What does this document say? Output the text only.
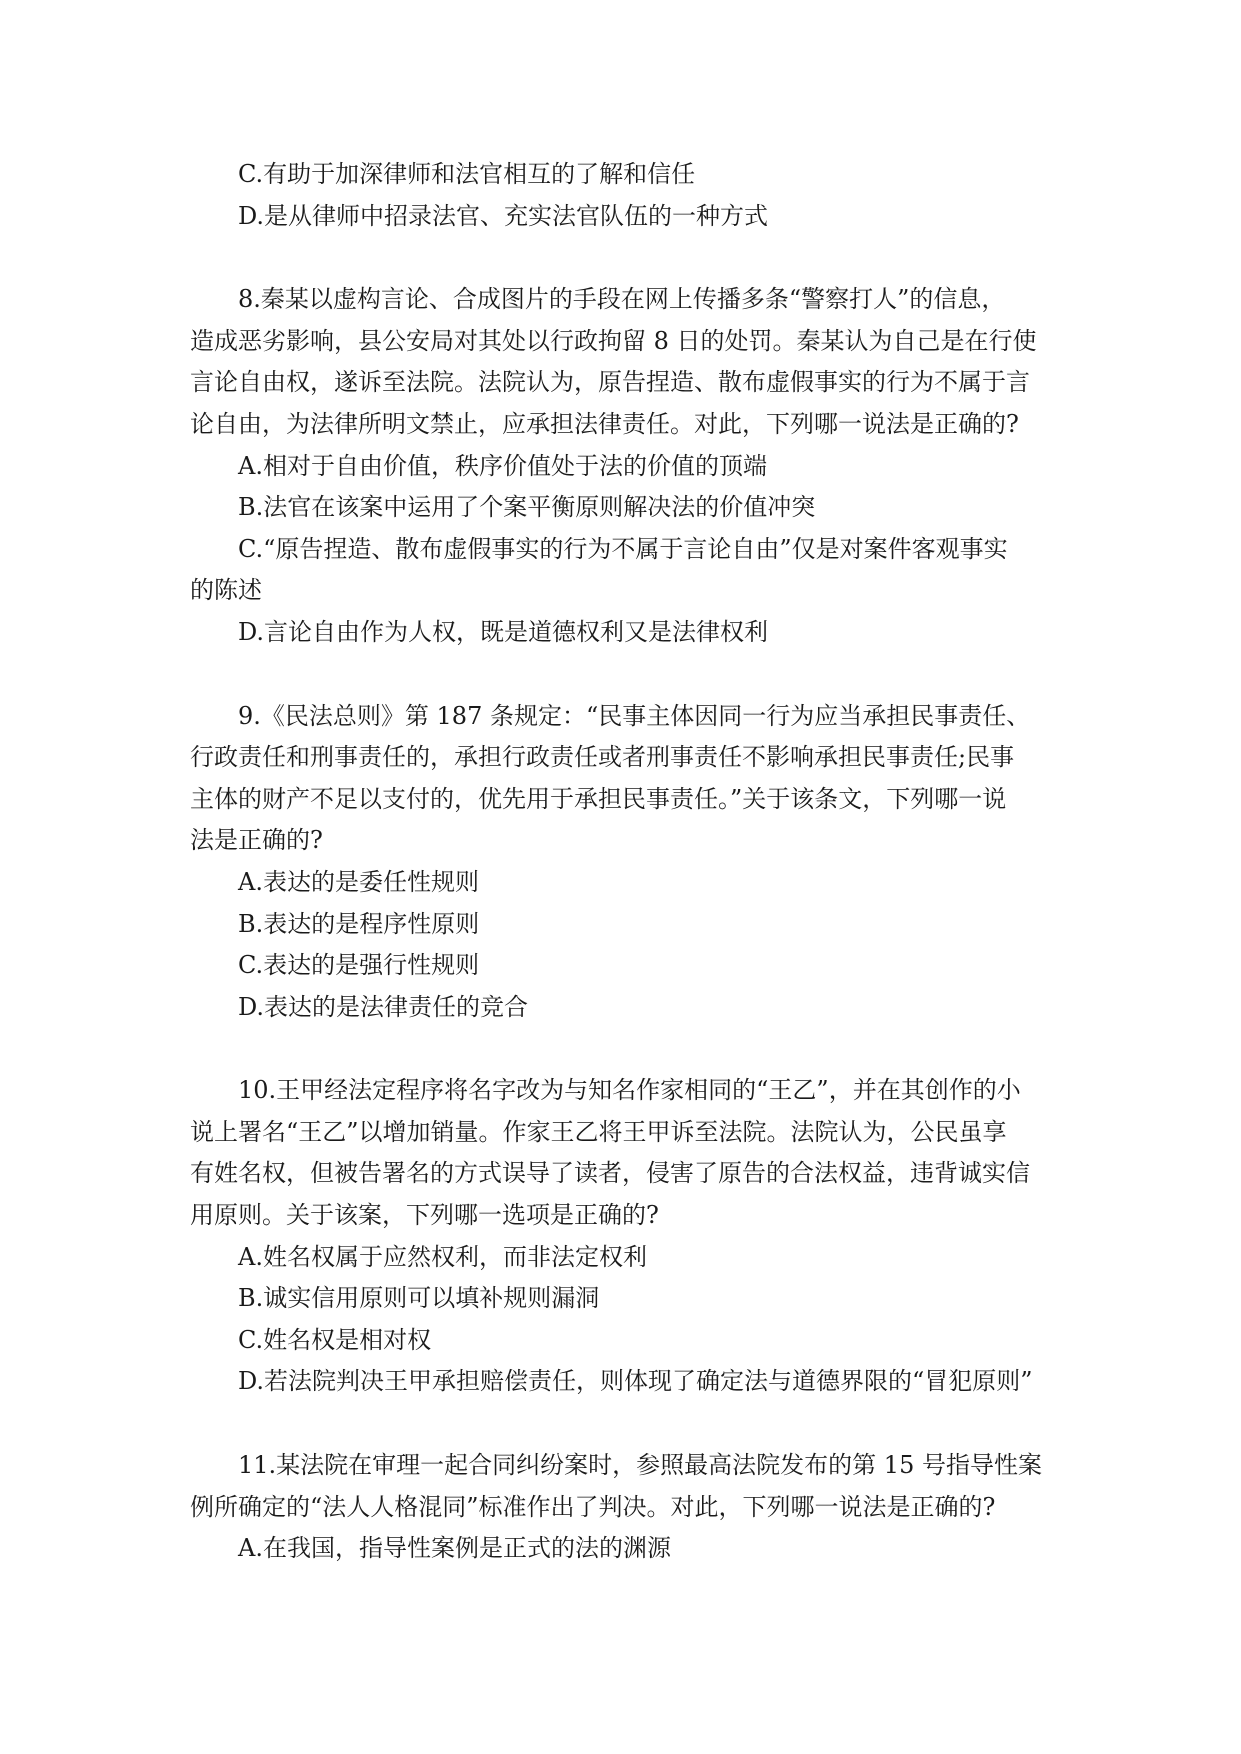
C.有助于加深律师和法官相互的了解和信任

D.是从律师中招录法官、充实法官队伍的一种方式

8.秦某以虚构言论、合成图片的手段在网上传播多条“警察打人”的信息，

造成恶劣影响，县公安局对其处以行政拘留 8 日的处罚。秦某认为自己是在行使

言论自由权，遂诉至法院。法院认为，原告捏造、散布虚假事实的行为不属于言

论自由，为法律所明文禁止，应承担法律责任。对此，下列哪一说法是正确的?

A.相对于自由价值，秩序价值处于法的价值的顶端

B.法官在该案中运用了个案平衡原则解决法的价值冲突

C.“原告捏造、散布虚假事实的行为不属于言论自由”仅是对案件客观事实

的陈述

D.言论自由作为人权，既是道德权利又是法律权利

9.《民法总则》第 187 条规定：“民事主体因同一行为应当承担民事责任、

行政责任和刑事责任的，承担行政责任或者刑事责任不影响承担民事责任;民事

主体的财产不足以支付的，优先用于承担民事责任。”关于该条文，下列哪一说

法是正确的?

A.表达的是委任性规则

B.表达的是程序性原则

C.表达的是强行性规则

D.表达的是法律责任的竞合

10.王甲经法定程序将名字改为与知名作家相同的“王乙”，并在其创作的小

说上署名“王乙”以增加销量。作家王乙将王甲诉至法院。法院认为，公民虽享

有姓名权，但被告署名的方式误导了读者，侵害了原告的合法权益，违背诚实信

用原则。关于该案，下列哪一选项是正确的?

A.姓名权属于应然权利，而非法定权利

B.诚实信用原则可以填补规则漏洞

C.姓名权是相对权

D.若法院判决王甲承担赔偿责任，则体现了确定法与道德界限的“冒犯原则”

11.某法院在审理一起合同纠纷案时，参照最高法院发布的第 15 号指导性案

例所确定的“法人人格混同”标准作出了判决。对此，下列哪一说法是正确的?

A.在我国，指导性案例是正式的法的渊源
